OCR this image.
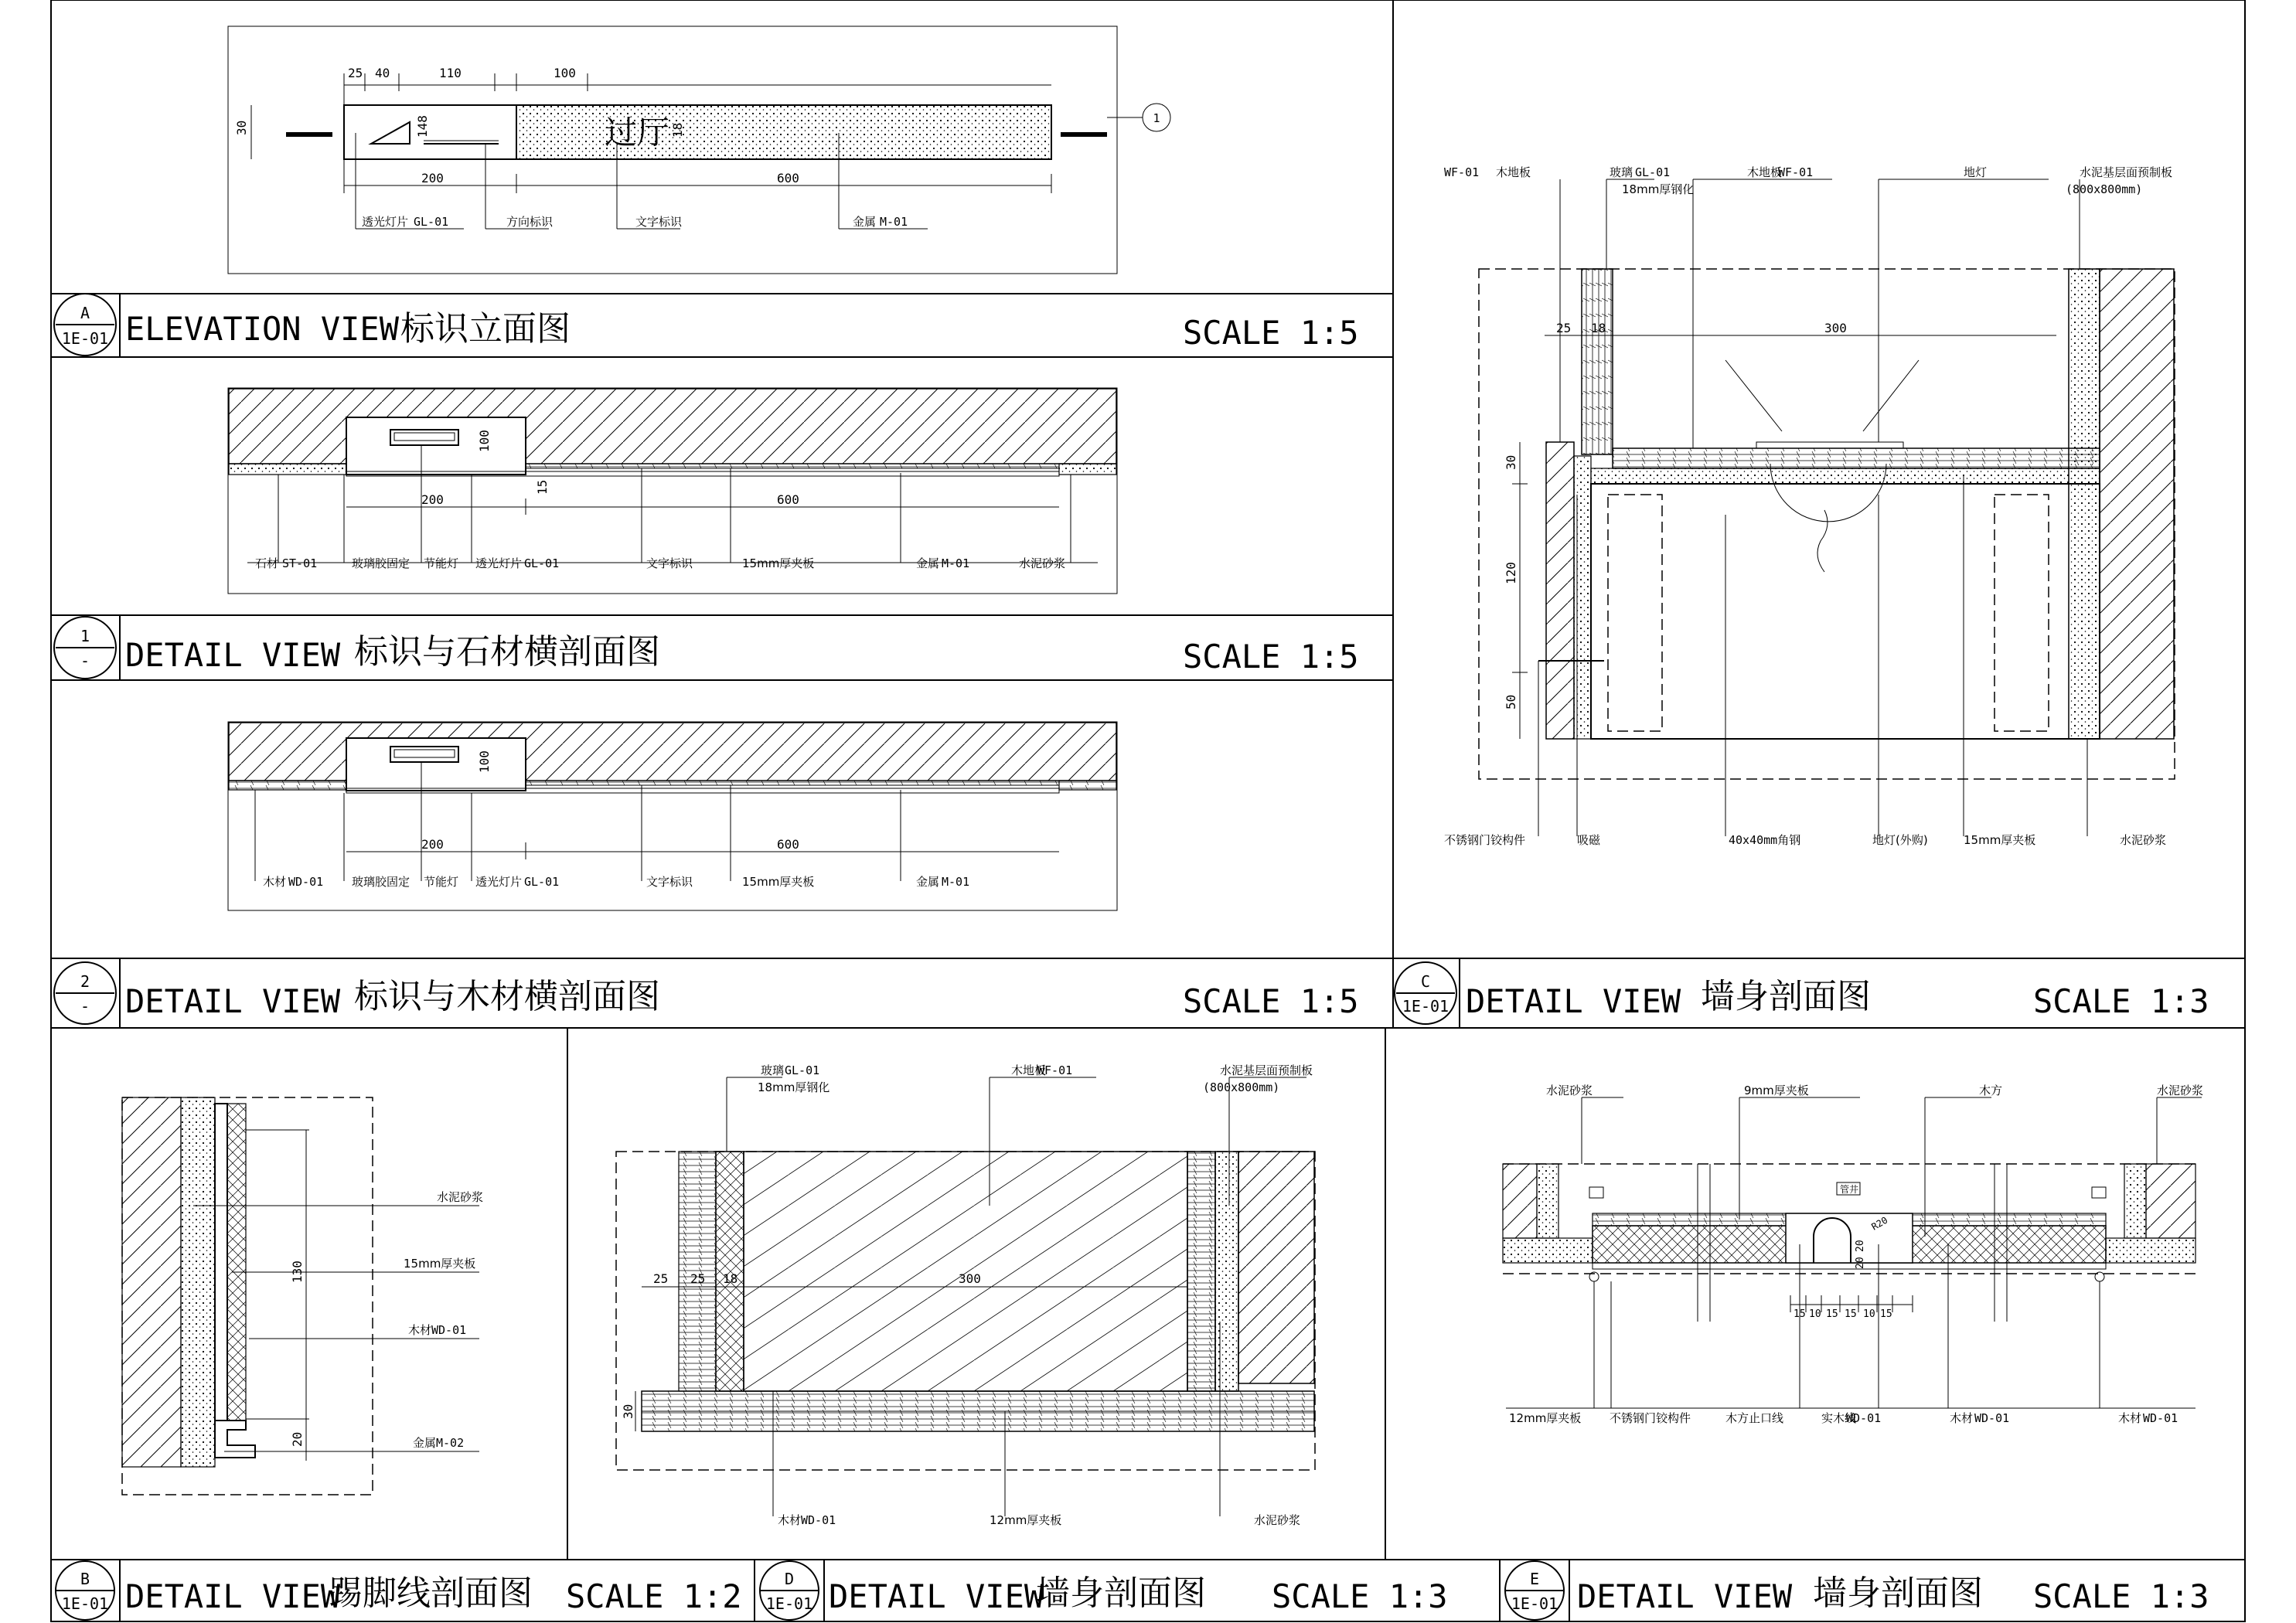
A
1E-01
1
-
2
-
C
1E-01
B
1E-01
D
1E-01
E
1E-01
ELEVATION VIEW 标识立面图	SCALE 1:5
DETAIL VIEW 标识与石材横剖面图	SCALE 1:5
DETAIL VIEW 标识与木材横剖面图	SCALE 1:5	DETAIL VIEW 墙身剖面图	SCALE 1:3
DETAIL VIEW
踢脚线剖面图 SCALE 1:2	DETAIL VIEW
墙身剖面图 SCALE 1:3	DETAIL VIEW 墙身剖面图 SCALE 1:3
1
过厅
25 40	110	100
30	18
148
200	600
透光灯片 GL-01	方向标识	文字标识	金属 M-01
200	600
100
15
石材 ST-01	玻璃胶固定 节能灯 透光灯片 GL-01	文字标识	15mm厚夹板	金属 M-01	水泥砂浆
200	600
100
木材 WD-01 玻璃胶固定 节能灯 透光灯片 GL-01	文字标识	15mm厚夹板	金属 M-01
25 18	300
30
120
50
WF-01 木地板	玻璃 GL-01
18mm厚钢化
木地板
WF-01	地灯	水泥基层面预制板
(800x800mm)
不锈钢门铰构件	吸磁	40x40mm角钢	地灯(外购)	15mm厚夹板	水泥砂浆
130
20
水泥砂浆
15mm厚夹板
木材 WD-01
金属 M-02
25 25 18	300
30
玻璃 GL-01
18mm厚钢化
木地板
WF-01	水泥基层面预制板
(800x800mm)
木材 WD-01	12mm厚夹板	水泥砂浆
管井
R20
15 10 15 15 10 15
20
20
水泥砂浆	9mm厚夹板	木方	水泥砂浆
12mm厚夹板 不锈钢门铰构件	木方止口线	实木线
WD-01	木材 WD-01	木材 WD-01
